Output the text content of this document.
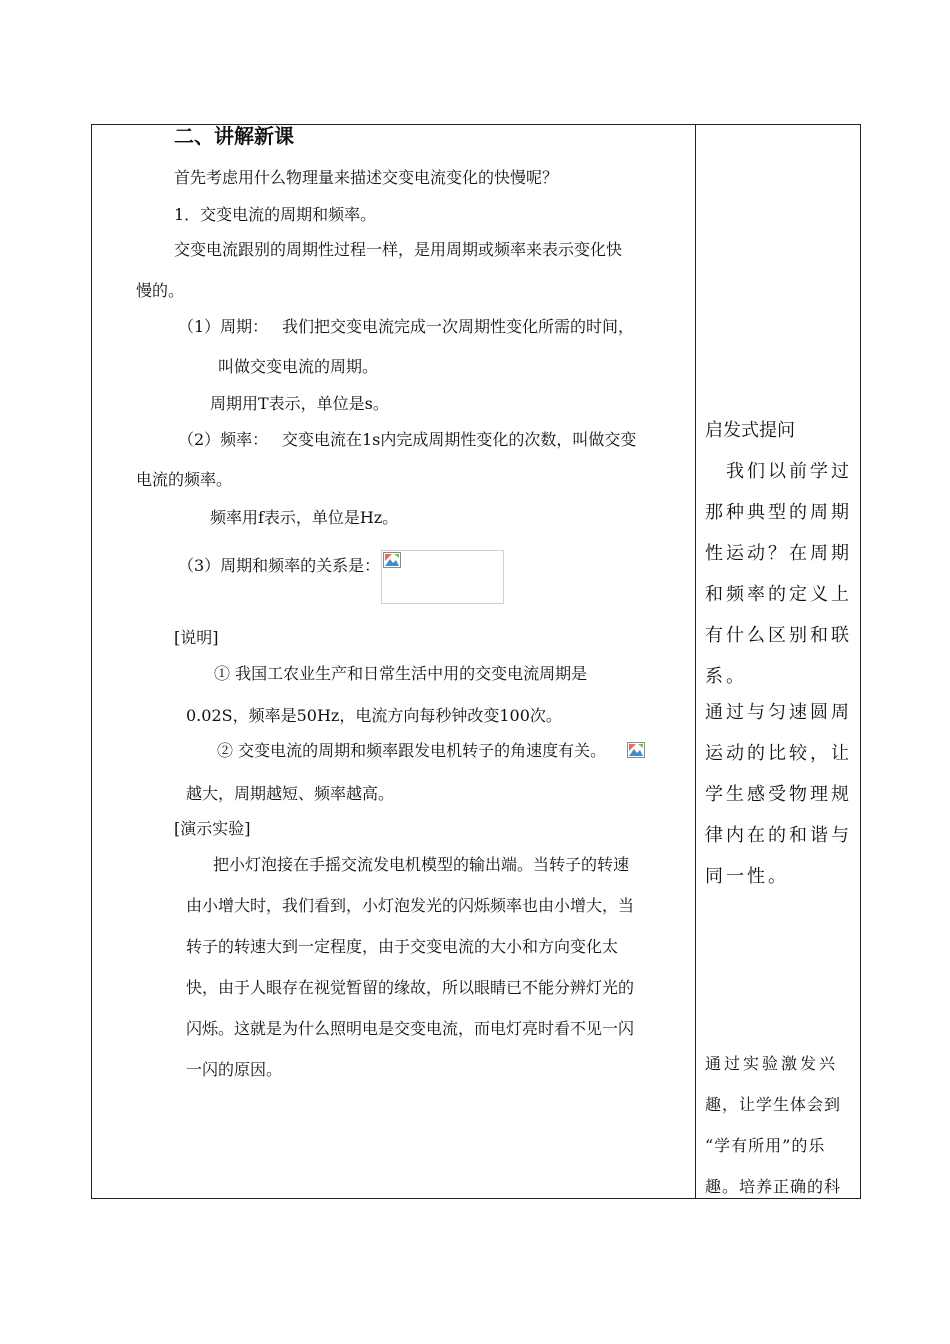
二、讲解新课
首先考虑用什么物理量来描述交变电流变化的快慢呢？
1．交变电流的周期和频率。
交变电流跟别的周期性过程一样，是用周期或频率来表示变化快
慢的。
（1）周期： 我们把交变电流完成一次周期性变化所需的时间，
叫做交变电流的周期。
周期用T表示，单位是s。
（2）频率： 交变电流在1s内完成周期性变化的次数，叫做交变
电流的频率。
频率用f表示，单位是Hz。
（3）周期和频率的关系是：
[说明]
① 我国工农业生产和日常生活中用的交变电流周期是
0.02S，频率是50Hz，电流方向每秒钟改变100次。
② 交变电流的周期和频率跟发电机转子的角速度有关。
越大，周期越短、频率越高。
[演示实验]
把小灯泡接在手摇交流发电机模型的输出端。当转子的转速
由小增大时，我们看到，小灯泡发光的闪烁频率也由小增大，当
转子的转速大到一定程度，由于交变电流的大小和方向变化太
快，由于人眼存在视觉暂留的缘故，所以眼睛已不能分辨灯光的
闪烁。这就是为什么照明电是交变电流，而电灯亮时看不见一闪
一闪的原因。
启发式提问
　我们以前学过
那种典型的周期
性运动？在周期
和频率的定义上
有什么区别和联
系。
通过与匀速圆周
运动的比较，让
学生感受物理规
律内在的和谐与
同一性。
通过实验激发兴
趣，让学生体会到
“学有所用”的乐
趣。培养正确的科
